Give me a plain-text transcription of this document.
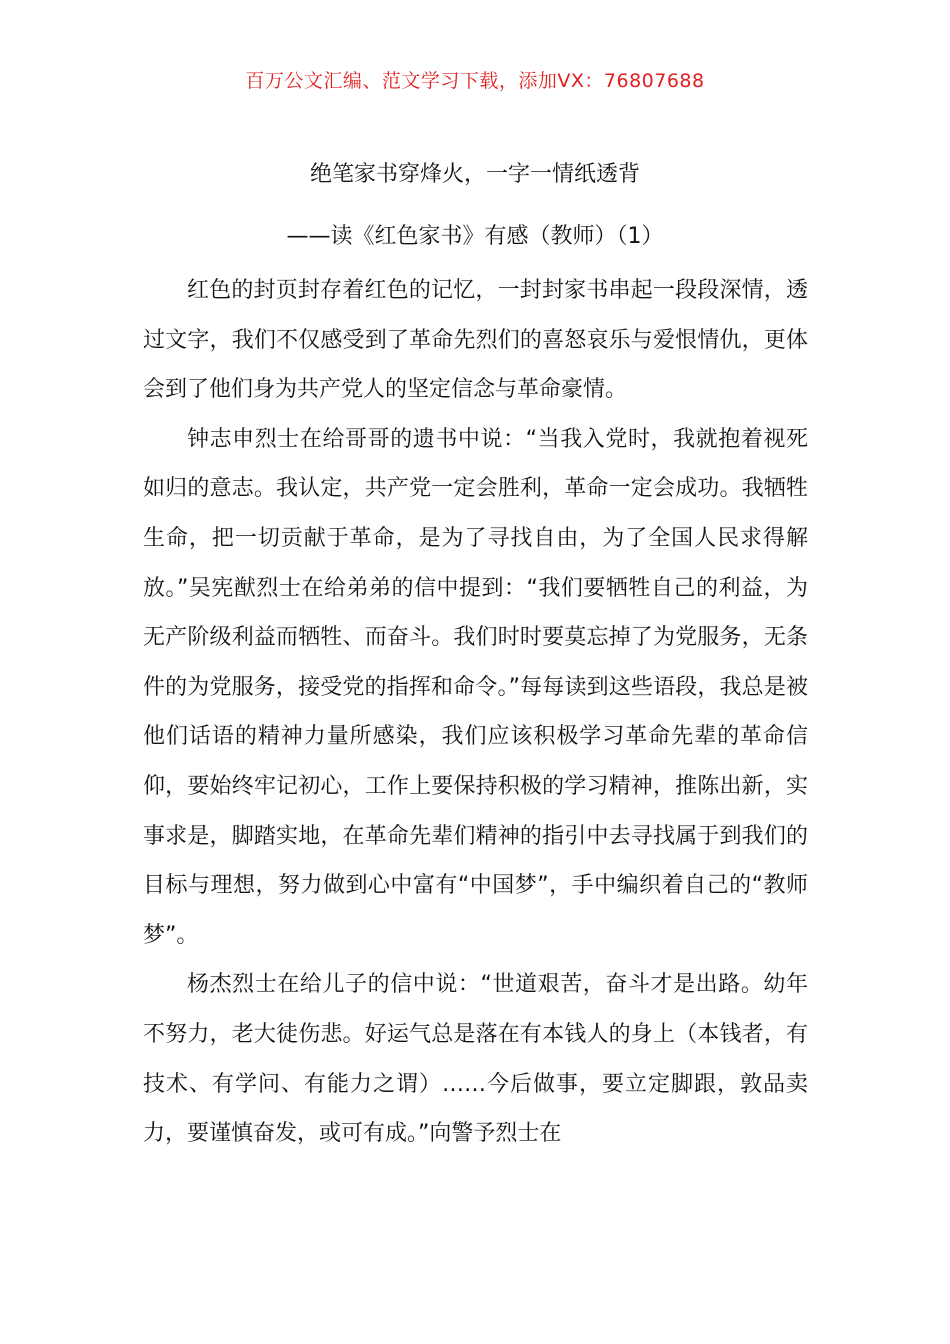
百万公文汇编、范文学习下载，添加VX：76807688
绝笔家书穿烽火，一字一情纸透背
——读《红色家书》有感（教师）（1）

红色的封页封存着红色的记忆，一封封家书串起一段段深情，透过文字，我们不仅感受到了革命先烈们的喜怒哀乐与爱恨情仇，更体会到了他们身为共产党人的坚定信念与革命豪情。

钟志申烈士在给哥哥的遗书中说：“当我入党时，我就抱着视死如归的意志。我认定，共产党一定会胜利，革命一定会成功。我牺牲生命，把一切贡献于革命，是为了寻找自由，为了全国人民求得解放。”吴宪猷烈士在给弟弟的信中提到：“我们要牺牲自己的利益，为无产阶级利益而牺牲、而奋斗。我们时时要莫忘掉了为党服务，无条件的为党服务，接受党的指挥和命令。”每每读到这些语段，我总是被他们话语的精神力量所感染，我们应该积极学习革命先辈的革命信仰，要始终牢记初心，工作上要保持积极的学习精神，推陈出新，实事求是，脚踏实地，在革命先辈们精神的指引中去寻找属于到我们的目标与理想，努力做到心中富有“中国梦”，手中编织着自己的“教师梦”。

杨杰烈士在给儿子的信中说：“世道艰苦，奋斗才是出路。幼年不努力，老大徒伤悲。好运气总是落在有本钱人的身上（本钱者，有技术、有学问、有能力之谓）……今后做事，要立定脚跟，敦品卖力，要谨慎奋发，或可有成。”向警予烈士在
